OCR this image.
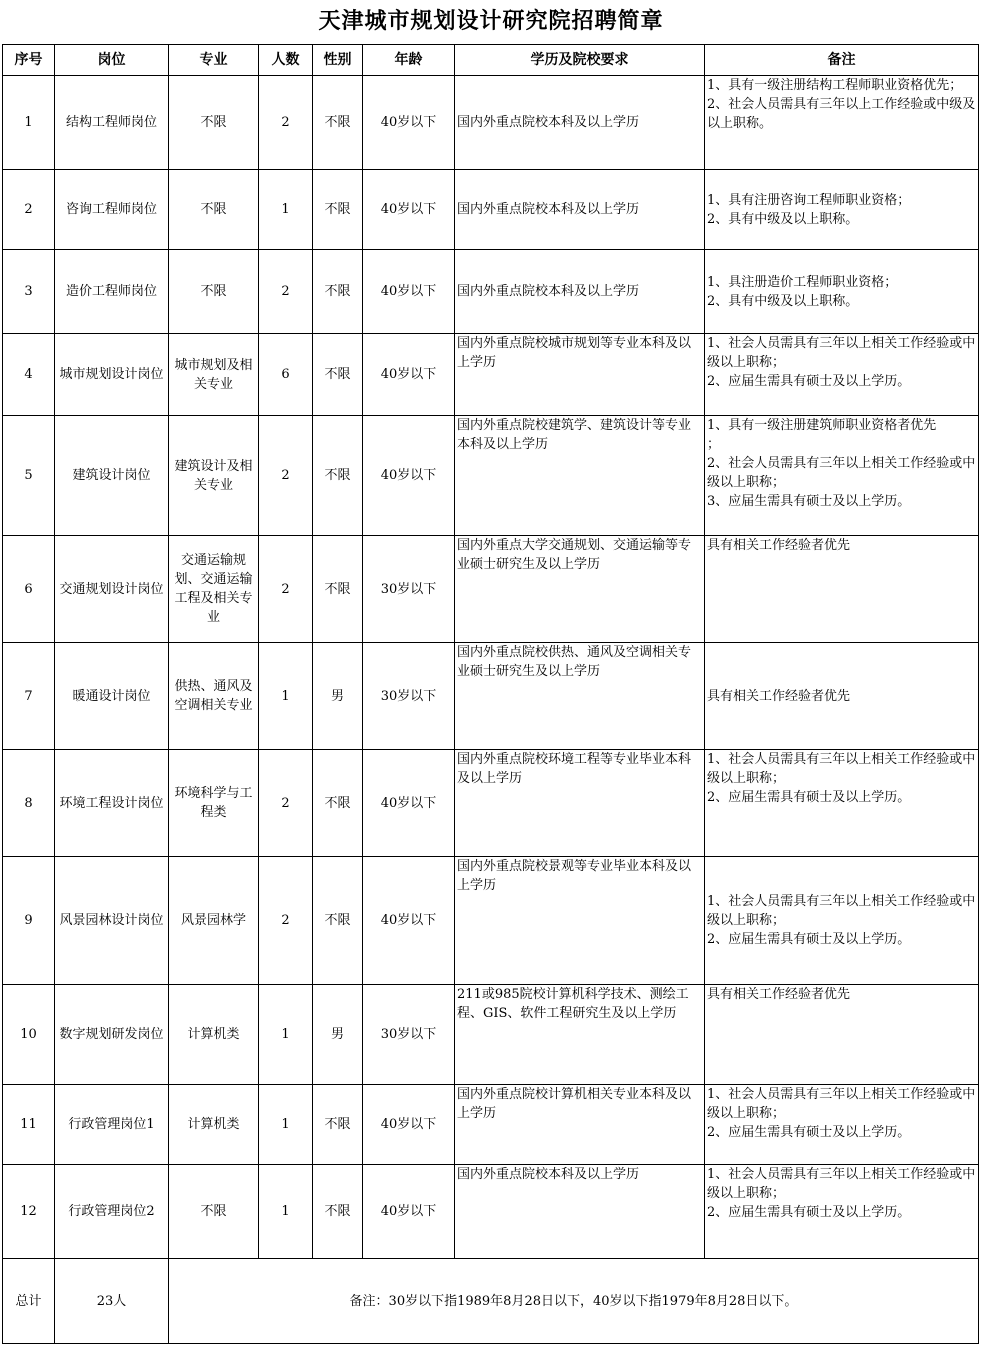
天津城市规划设计研究院招聘简章
序号	岗位	专业	人数	性别	年龄	学历及院校要求	备注
1	结构工程师岗位	不限	2	不限	40岁以下	国内外重点院校本科及以上学历	1、具有一级注册结构工程师职业资格优先；
2、社会人员需具有三年以上工作经验或中级及以上职称。
2	咨询工程师岗位	不限	1	不限	40岁以下	国内外重点院校本科及以上学历	1、具有注册咨询工程师职业资格；
2、具有中级及以上职称。
3	造价工程师岗位	不限	2	不限	40岁以下	国内外重点院校本科及以上学历	1、具注册造价工程师职业资格；
2、具有中级及以上职称。
4	城市规划设计岗位	城市规划及相关专业	6	不限	40岁以下	国内外重点院校城市规划等专业本科及以上学历	1、社会人员需具有三年以上相关工作经验或中级以上职称；
2、应届生需具有硕士及以上学历。
5	建筑设计岗位	建筑设计及相关专业	2	不限	40岁以下	国内外重点院校建筑学、建筑设计等专业本科及以上学历	1、具有一级注册建筑师职业资格者优先
；
2、社会人员需具有三年以上相关工作经验或中级以上职称；
3、应届生需具有硕士及以上学历。
6	交通规划设计岗位	交通运输规划、交通运输工程及相关专业	2	不限	30岁以下	国内外重点大学交通规划、交通运输等专业硕士研究生及以上学历	具有相关工作经验者优先
7	暖通设计岗位	供热、通风及空调相关专业	1	男	30岁以下	国内外重点院校供热、通风及空调相关专业硕士研究生及以上学历	具有相关工作经验者优先
8	环境工程设计岗位	环境科学与工程类	2	不限	40岁以下	国内外重点院校环境工程等专业毕业本科及以上学历	1、社会人员需具有三年以上相关工作经验或中级以上职称；
2、应届生需具有硕士及以上学历。
9	风景园林设计岗位	风景园林学	2	不限	40岁以下	国内外重点院校景观等专业毕业本科及以上学历	1、社会人员需具有三年以上相关工作经验或中级以上职称；
2、应届生需具有硕士及以上学历。
10	数字规划研发岗位	计算机类	1	男	30岁以下	211或985院校计算机科学技术、测绘工程、GIS、软件工程研究生及以上学历	具有相关工作经验者优先
11	行政管理岗位1	计算机类	1	不限	40岁以下	国内外重点院校计算机相关专业本科及以上学历	1、社会人员需具有三年以上相关工作经验或中级以上职称；
2、应届生需具有硕士及以上学历。
12	行政管理岗位2	不限	1	不限	40岁以下	国内外重点院校本科及以上学历	1、社会人员需具有三年以上相关工作经验或中级以上职称；
2、应届生需具有硕士及以上学历。
总计	23人	备注：30岁以下指1989年8月28日以下，40岁以下指1979年8月28日以下。					
